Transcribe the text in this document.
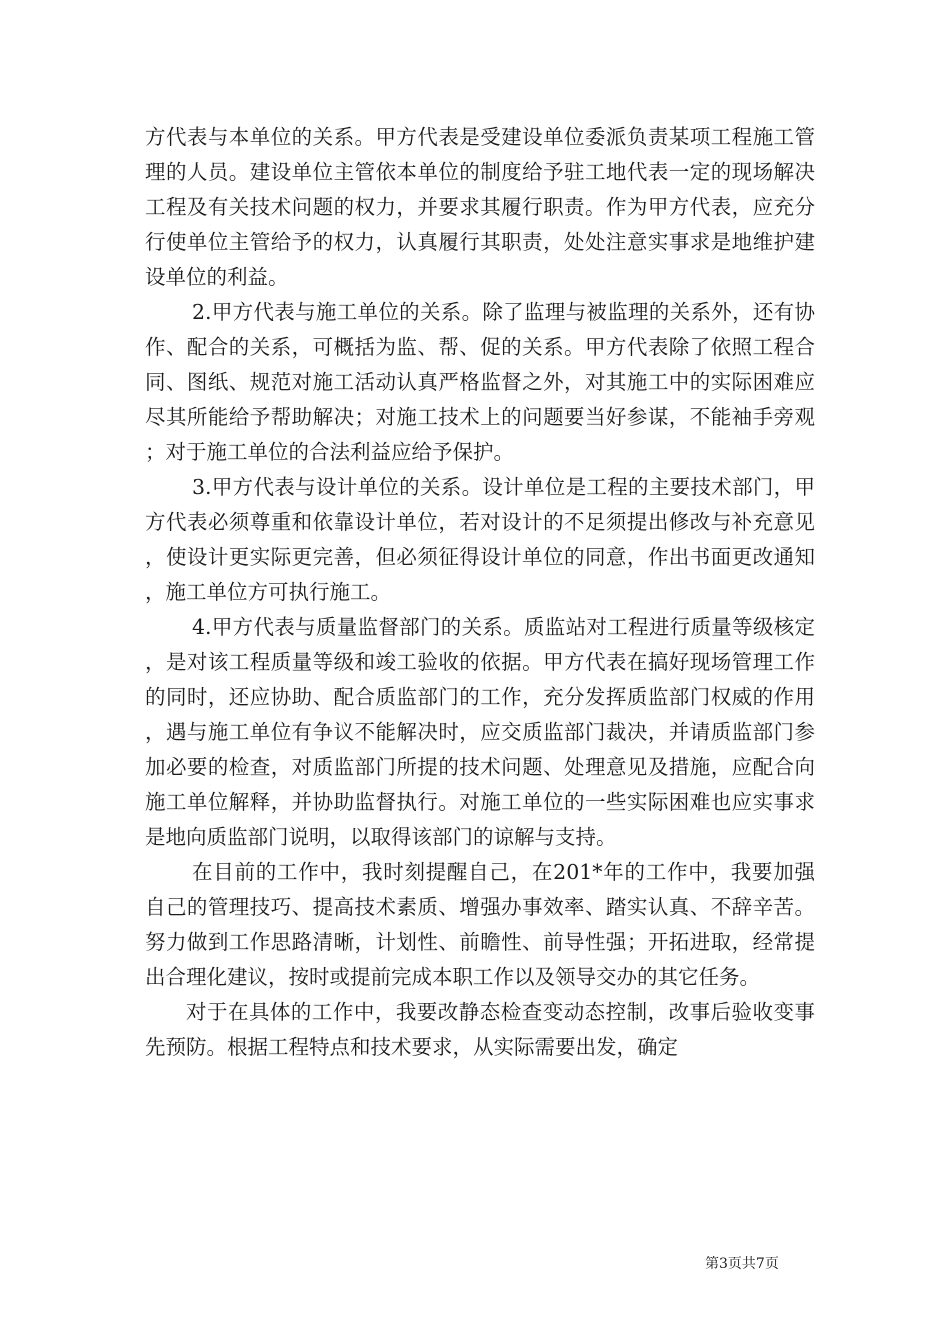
方代表与本单位的关系。甲方代表是受建设单位委派负责某项工程施工管理的人员。建设单位主管依本单位的制度给予驻工地代表一定的现场解决工程及有关技术问题的权力，并要求其履行职责。作为甲方代表，应充分行使单位主管给予的权力，认真履行其职责，处处注意实事求是地维护建设单位的利益。

2.甲方代表与施工单位的关系。除了监理与被监理的关系外，还有协作、配合的关系，可概括为监、帮、促的关系。甲方代表除了依照工程合同、图纸、规范对施工活动认真严格监督之外，对其施工中的实际困难应尽其所能给予帮助解决；对施工技术上的问题要当好参谋，不能袖手旁观；对于施工单位的合法利益应给予保护。

3.甲方代表与设计单位的关系。设计单位是工程的主要技术部门，甲方代表必须尊重和依靠设计单位，若对设计的不足须提出修改与补充意见，使设计更实际更完善，但必须征得设计单位的同意，作出书面更改通知，施工单位方可执行施工。

4.甲方代表与质量监督部门的关系。质监站对工程进行质量等级核定，是对该工程质量等级和竣工验收的依据。甲方代表在搞好现场管理工作的同时，还应协助、配合质监部门的工作，充分发挥质监部门权威的作用，遇与施工单位有争议不能解决时，应交质监部门裁决，并请质监部门参加必要的检查，对质监部门所提的技术问题、处理意见及措施，应配合向施工单位解释，并协助监督执行。对施工单位的一些实际困难也应实事求是地向质监部门说明，以取得该部门的谅解与支持。

在目前的工作中，我时刻提醒自己，在201*年的工作中，我要加强自己的管理技巧、提高技术素质、增强办事效率、踏实认真、不辞辛苦。努力做到工作思路清晰，计划性、前瞻性、前导性强；开拓进取，经常提出合理化建议，按时或提前完成本职工作以及领导交办的其它任务。

对于在具体的工作中，我要改静态检查变动态控制，改事后验收变事先预防。根据工程特点和技术要求，从实际需要出发，确定

第3页共7页
